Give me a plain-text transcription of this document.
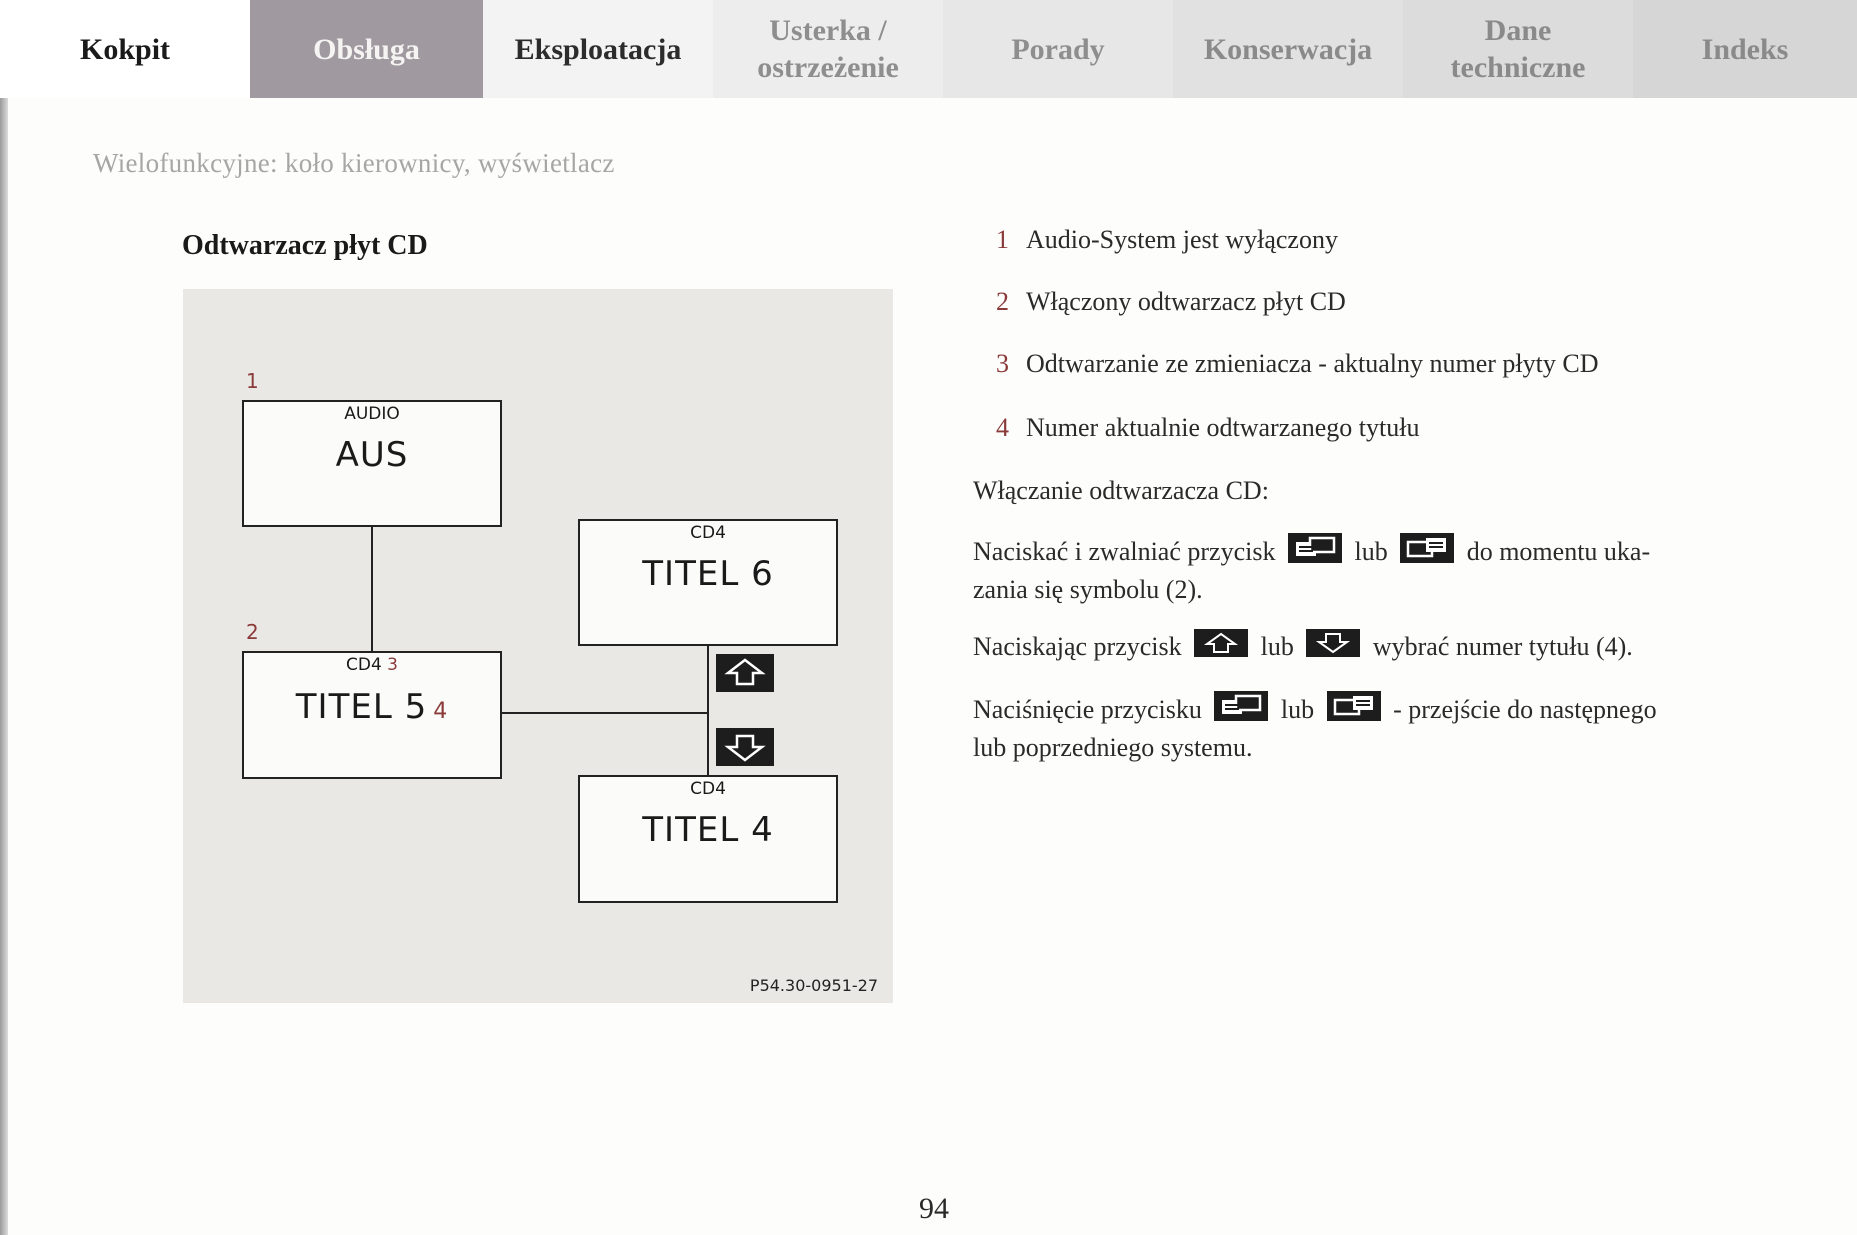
Kokpit	Obsługa	Eksploatacja
Usterka /
ostrzeżenie
Porady	Konserwacja
Dane
techniczne
Indeks
Wielofunkcyjne: koło kierownicy, wyświetlacz
Odtwarzacz płyt CD
1
2
AUDIO
AUS
CD4
TITEL 6
CD4 3
TITEL 5 4
CD4
TITEL 4
P54.30-0951-27
1 Audio-System jest wyłączony
2 Włączony odtwarzacz płyt CD
3 Odtwarzanie ze zmieniacza - aktualny numer płyty CD
4 Numer aktualnie odtwarzanego tytułu
Włączanie odtwarzacza CD:
Naciskać i zwalniać przycisk	lub	do momentu uka-
zania się symbolu (2).
Naciskając przycisk	lub	wybrać numer tytułu (4).
Naciśnięcie przycisku	lub	- przejście do następnego
lub poprzedniego systemu.
94
